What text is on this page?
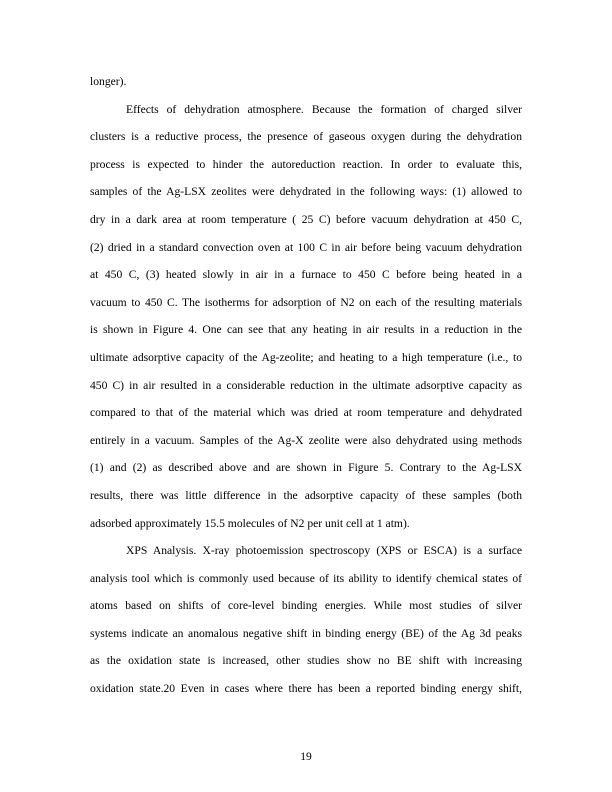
longer).
Effects of dehydration atmosphere. Because the formation of charged silver
clusters is a reductive process, the presence of gaseous oxygen during the dehydration
process is expected to hinder the autoreduction reaction. In order to evaluate this,
samples of the Ag-LSX zeolites were dehydrated in the following ways: (1) allowed to
dry in a dark area at room temperature ( 25 C) before vacuum dehydration at 450 C,
(2) dried in a standard convection oven at 100 C in air before being vacuum dehydration
at 450 C, (3) heated slowly in air in a furnace to 450 C before being heated in a
vacuum to 450 C. The isotherms for adsorption of N2 on each of the resulting materials
is shown in Figure 4. One can see that any heating in air results in a reduction in the
ultimate adsorptive capacity of the Ag-zeolite; and heating to a high temperature (i.e., to
450 C) in air resulted in a considerable reduction in the ultimate adsorptive capacity as
compared to that of the material which was dried at room temperature and dehydrated
entirely in a vacuum. Samples of the Ag-X zeolite were also dehydrated using methods
(1) and (2) as described above and are shown in Figure 5. Contrary to the Ag-LSX
results, there was little difference in the adsorptive capacity of these samples (both
adsorbed approximately 15.5 molecules of N2 per unit cell at 1 atm).
XPS Analysis. X-ray photoemission spectroscopy (XPS or ESCA) is a surface
analysis tool which is commonly used because of its ability to identify chemical states of
atoms based on shifts of core-level binding energies. While most studies of silver
systems indicate an anomalous negative shift in binding energy (BE) of the Ag 3d peaks
as the oxidation state is increased, other studies show no BE shift with increasing
oxidation state.20 Even in cases where there has been a reported binding energy shift,
19
